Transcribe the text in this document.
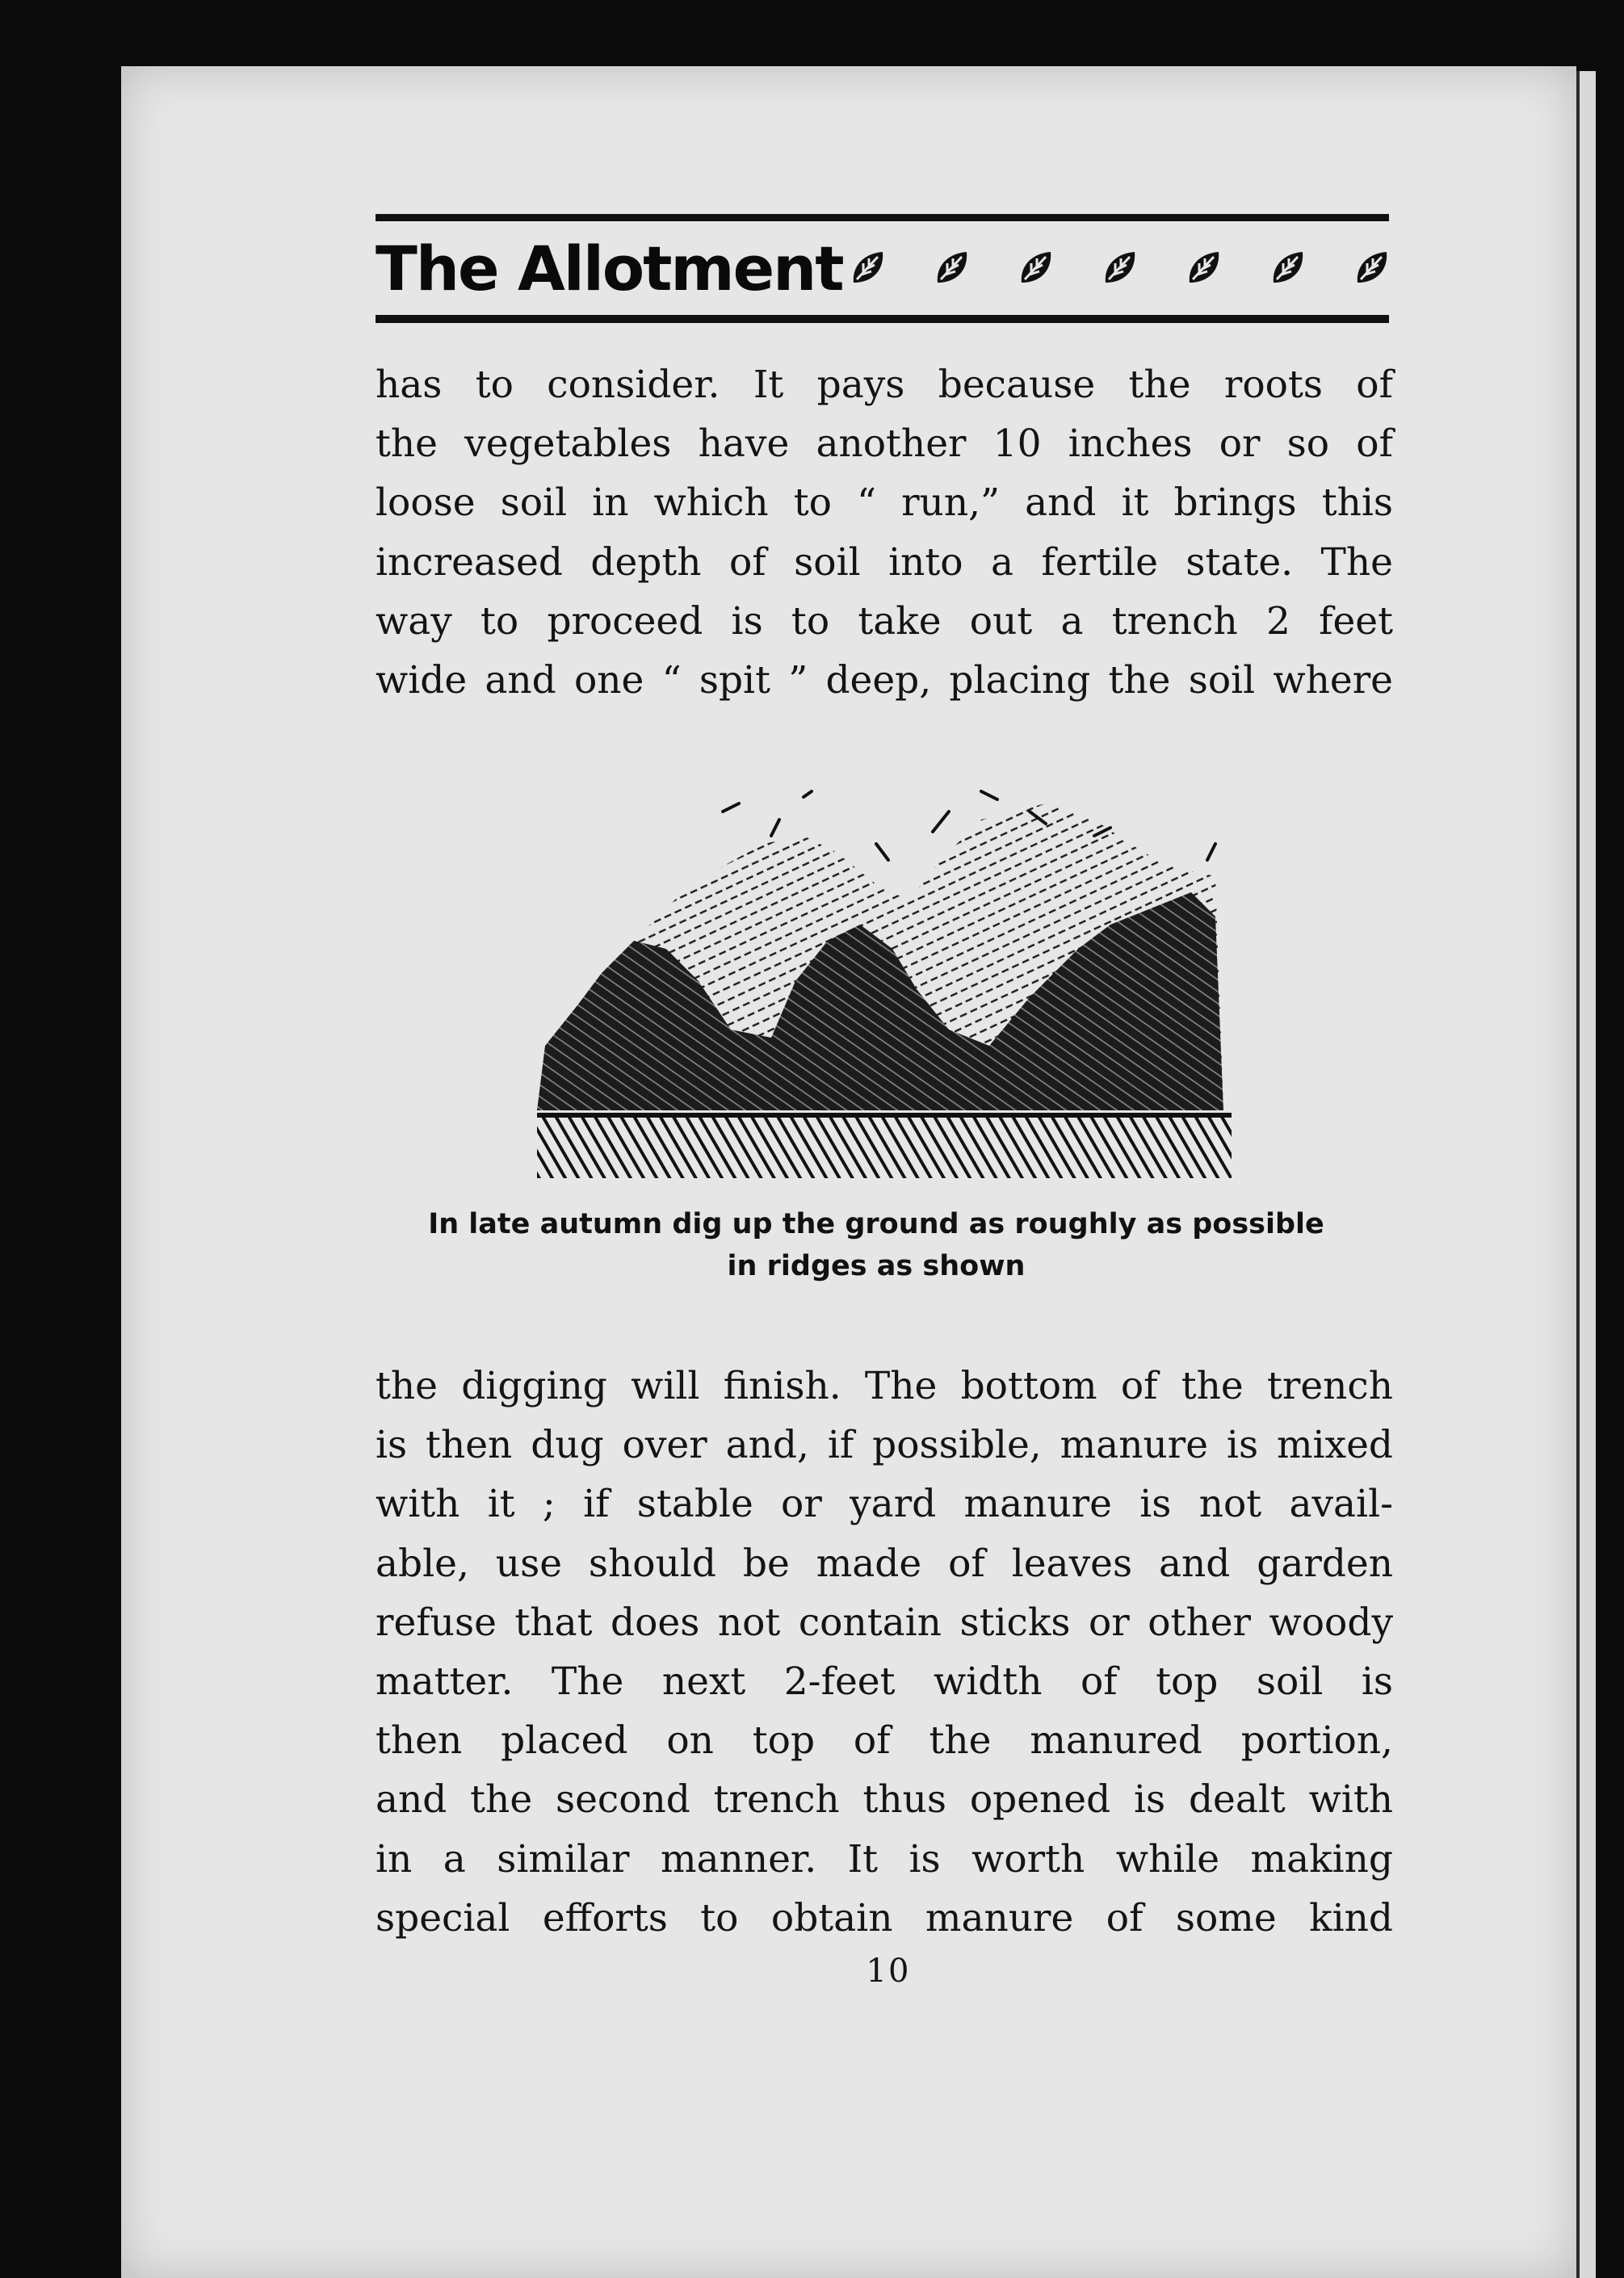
The Allotment
has to consider. It pays because the roots of
the vegetables have another 10 inches or so of
loose soil in which to “ run,” and it brings this
increased depth of soil into a fertile state. The
way to proceed is to take out a trench 2 feet
wide and one “ spit ” deep, placing the soil where
In late autumn dig up the ground as roughly as possible
in ridges as shown
the digging will finish. The bottom of the trench
is then dug over and, if possible, manure is mixed
with it ; if stable or yard manure is not avail-
able, use should be made of leaves and garden
refuse that does not contain sticks or other woody
matter. The next 2-feet width of top soil is
then placed on top of the manured portion,
and the second trench thus opened is dealt with
in a similar manner. It is worth while making
special efforts to obtain manure of some kind
10
